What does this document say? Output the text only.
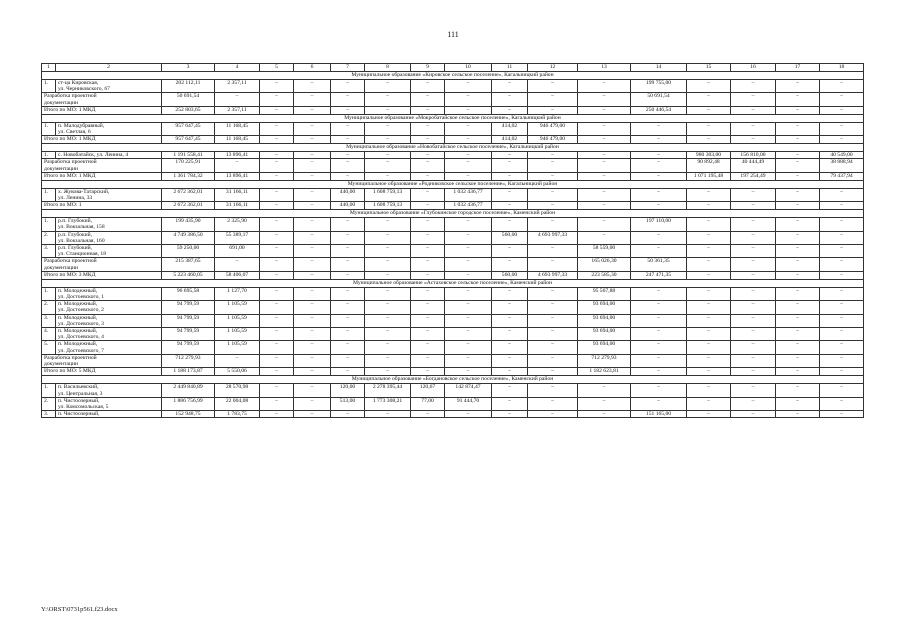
111
1	2	3	4	5	6	7	8	9	10	11	12	13	14	15	16	17	18
Муниципальное образование «Кировское сельское поселение», Кагальницкий район																	
1.	ст-ца Кировская,
ул. Черниковского, 67	202 112,11	2 357,11	–	–	–	–	–	–	–	–	–	199 755,00	–	–	–	–
Разработка проектной
документации		50 691,54	–	–	–	–	–	–	–	–	–	–	50 691,54	–	–	–	–
Итого по МО: 1 МКД		252 803,65	2 357,11	–	–	–	–	–	–	–	–	–	250 446,54	–	–	–	–
Муниципальное образование «Мокробатайское сельское поселение», Кагальницкий район																	
1.	п. Малодубравный,
ул. Светлая, 6	957 647,45	11 168,45	–	–	–	–	–	–	414,02	946 479,00	–	–	–	–	–	–
Итого по МО: 1 МКД		957 647,45	11 168,45	–	–	–	–	–	–	414,02	946 479,00	–	–	–	–	–	–
Муниципальное образование «Новобатайское сельское поселение», Кагальницкий район																	
1.	с. Новобатайск, ул. Ленина, 4	1 191 558,41	13 896,41	–	–	–	–	–	–	–	–	–	–	980 303,00	156 810,00	–	40 549,00
Разработка проектной
документации		170 225,91	–	–	–	–	–	–	–	–	–	–	–	90 892,48	40 444,49	–	38 888,94
Итого по МО: 1 МКД		1 361 784,32	13 896,41	–	–	–	–	–	–	–	–	–	–	1 071 195,48	197 254,49	–	79 437,94
Муниципальное образование «Родниковское сельское поселение», Кагальницкий район																	
1.	х. Жукова-Татарский,
ул. Ленина, 33	2 672 362,01	31 166,11	–	–	440,00	1 608 759,13	–	1 032 436,77	–	–	–	–	–	–	–	–
Итого по МО: 1		2 672 362,01	31 166,11	–	–	440,00	1 608 759,13	–	1 032 436,77	–	–	–	–	–	–	–	–
Муниципальное образование «Глубокинское городское поселение», Каменский район																	
1.	р.п. Глубокий,
ул. Вокзальная, 158	199 435,90	2 325,90	–	–	–	–	–	–	–	–	–	197 110,00	–	–	–	–
2.	р.п. Глубокий,
ул. Вокзальная, 160	4 749 386,50	55 389,17	–	–	–	–	–	–	560,00	4 693 997,33	–	–	–	–	–	–
3.	р.п. Глубокий,
ул. Станционная, 18	59 250,00	691,00	–	–	–	–	–	–	–	–	58 559,00	–	–	–	–	–
Разработка проектной
документации		215 387,65	–	–	–	–	–	–	–	–	–	165 026,30	50 361,35	–	–	–	–
Итого по МО: 3 МКД		5 223 460,05	58 406,07	–	–	–	–	–	–	560,00	4 693 997,33	223 585,30	247 471,35	–	–	–	–
Муниципальное образование «Астаховское сельское поселение», Каменский район																	
1.	п. Молодежный,
ул. Достоевского, 1	96 695,58	1 127,70	–	–	–	–	–	–	–	–	95 567,88	–	–	–	–	–
2.	п. Молодежный,
ул. Достоевского, 2	94 799,59	1 105,59	–	–	–	–	–	–	–	–	93 694,00	–	–	–	–	–
3.	п. Молодежный,
ул. Достоевского, 3	94 799,59	1 105,59	–	–	–	–	–	–	–	–	93 694,00	–	–	–	–	–
4.	п. Молодежный,
ул. Достоевского, 4	94 799,59	1 105,59	–	–	–	–	–	–	–	–	93 694,00	–	–	–	–	–
5.	п. Молодежный,
ул. Достоевского, 7	94 799,59	1 105,59	–	–	–	–	–	–	–	–	93 694,00	–	–	–	–	–
Разработка проектной
документации		712 279,93	–	–	–	–	–	–	–	–	–	712 279,93	–	–	–	–	–
Итого по МО: 5 МКД		1 188 173,87	5 550,06	–	–	–	–	–	–	–	–	1 182 623,81	–	–	–	–	–
Муниципальное образование «Богдановское сельское поселение», Каменский район																	
1.	п. Васильевский,
ул. Центральная, 3	2 449 840,89	28 570,98	–	–	120,00	2 278 395,44	120,67	142 874,47	–	–	–	–	–	–	–	–
2.	п. Чистоозерный,
ул. Комсомольская, 5	1 886 756,99	22 004,08	–	–	513,00	1 773 308,21	77,00	91 444,70	–	–	–	–	–	–	–	–
3.	п. Чистоозерный,	152 948,75	1 783,75	–	–	–	–	–	–	–	–	–	151 165,00	–	–	–	–
Y:\ORST\0731p561.f23.docx
